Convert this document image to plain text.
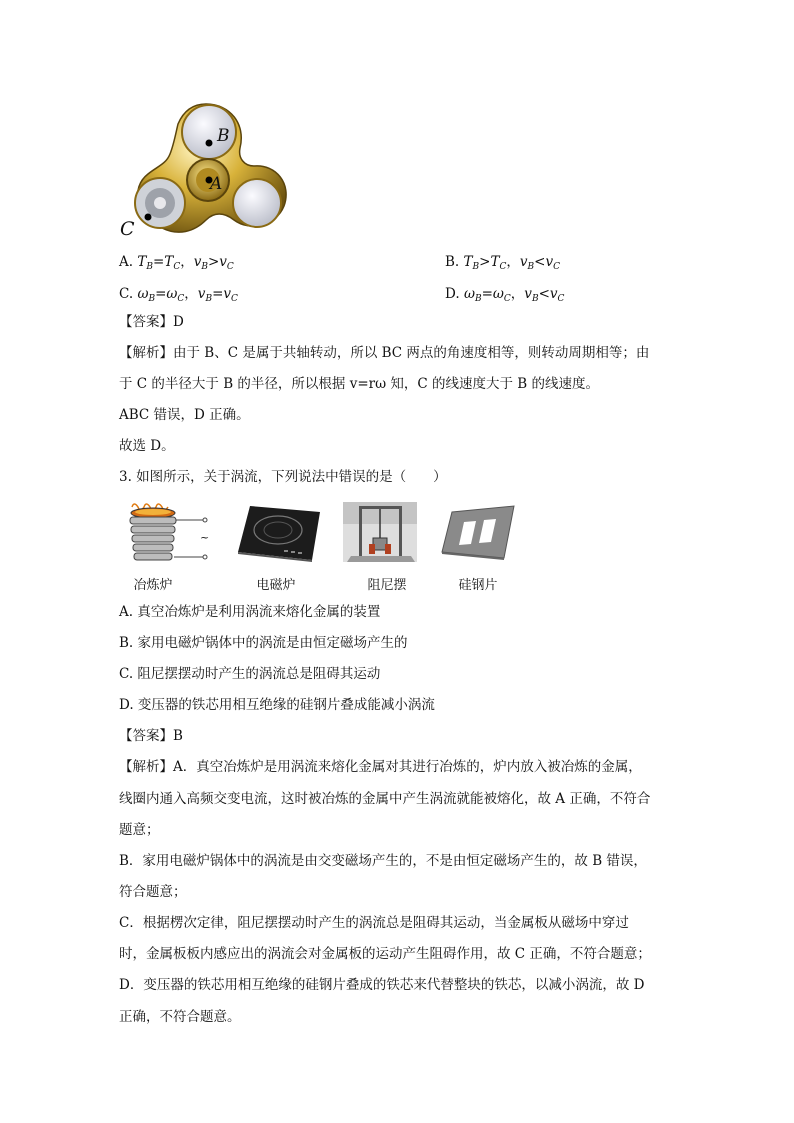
B
A
C
A. $T_B=T_C$，$v_B>v_C$	B. $T_B>T_C$，$v_B<v_C$
C. $\omega_B=\omega_C$，$v_B=v_C$	D. $\omega_B=\omega_C$，$v_B<v_C$
【答案】D
【解析】由于 B、C 是属于共轴转动，所以 BC 两点的角速度相等，则转动周期相等；由
于 C 的半径大于 B 的半径，所以根据 v=rω 知，C 的线速度大于 B 的线速度。
ABC 错误，D 正确。
故选 D。
3. 如图所示，关于涡流，下列说法中错误的是（　　）
~
冶炼炉	电磁炉	阻尼摆	硅钢片
A. 真空冶炼炉是利用涡流来熔化金属的装置
B. 家用电磁炉锅体中的涡流是由恒定磁场产生的
C. 阻尼摆摆动时产生的涡流总是阻碍其运动
D. 变压器的铁芯用相互绝缘的硅钢片叠成能减小涡流
【答案】B
【解析】A．真空冶炼炉是用涡流来熔化金属对其进行冶炼的，炉内放入被冶炼的金属，
线圈内通入高频交变电流，这时被冶炼的金属中产生涡流就能被熔化，故 A 正确，不符合
题意；
B．家用电磁炉锅体中的涡流是由交变磁场产生的，不是由恒定磁场产生的，故 B 错误，
符合题意；
C．根据楞次定律，阻尼摆摆动时产生的涡流总是阻碍其运动，当金属板从磁场中穿过
时，金属板板内感应出的涡流会对金属板的运动产生阻碍作用，故 C 正确，不符合题意；
D．变压器的铁芯用相互绝缘的硅钢片叠成的铁芯来代替整块的铁芯，以减小涡流，故 D
正确，不符合题意。
